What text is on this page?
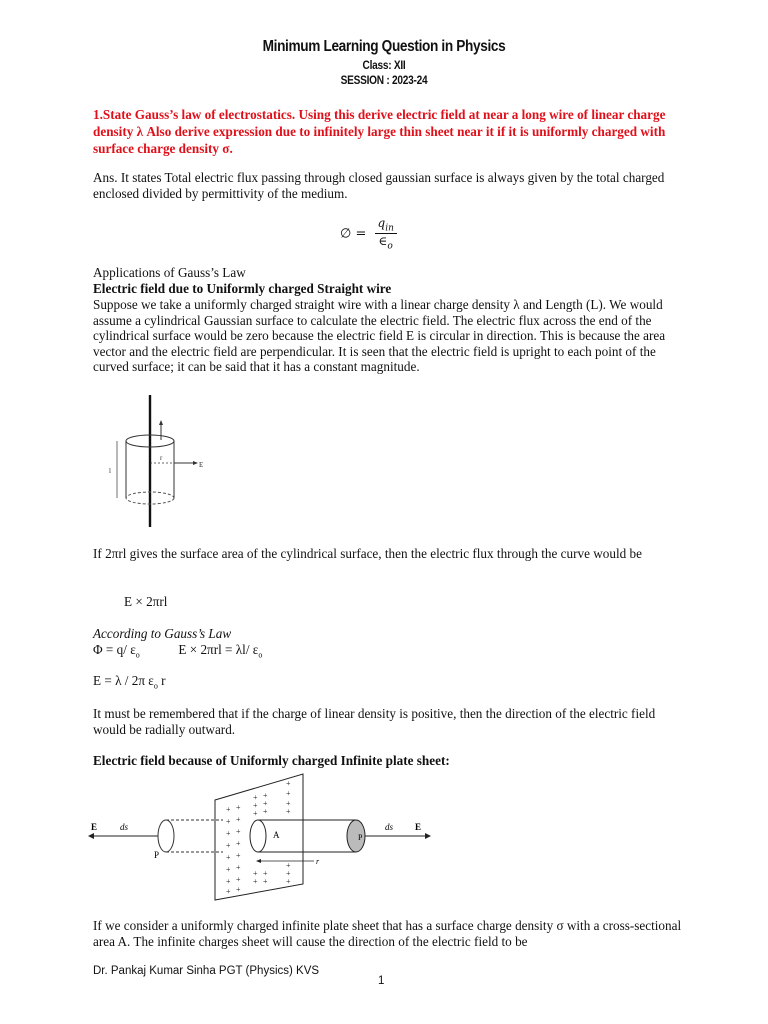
Minimum Learning Question in Physics
Class: XII
SESSION : 2023-24
1.State Gauss’s law of electrostatics. Using this derive electric field at near a long wire of linear charge density λ Also derive expression due to infinitely large thin sheet near it if it is uniformly charged with surface charge density σ.
Ans. It states Total electric flux passing through closed gaussian surface is always given by the total charged enclosed divided by permittivity of the medium.
∅ = $\frac{q_{in}}{\in_o}$
Applications of Gauss’s Law
Electric field due to Uniformly charged Straight wire
Suppose we take a uniformly charged straight wire with a linear charge density λ and Length (L). We would assume a cylindrical Gaussian surface to calculate the electric field. The electric flux across the end of the cylindrical surface would be zero because the electric field E is circular in direction. This is because the area vector and the electric field are perpendicular. It is seen that the electric field is upright to each point of the curved surface; it can be said that it has a constant magnitude.
l
r
E
If 2πrl gives the surface area of the cylindrical surface, then the electric flux through the curve would be
E × 2πrl
According to Gauss’s Law
Φ = q/ $\varepsilon_o$	E × 2πrl = λl/ $\varepsilon_o$
E = λ / 2π $\varepsilon_o$ r
It must be remembered that if the charge of linear density is positive, then the direction of the electric field would be radially outward.
Electric field because of Uniformly charged Infinite plate sheet:
E	ds
P
A	P
ds E
r
+
+
+
+
+
+
+
+
+
+
+
+
+
+
+
+
+
+
+
+
+
+
+
+
+
+
+
+
+
+
+
+
+
If we consider a uniformly charged infinite plate sheet that has a surface charge density σ with a cross-sectional area A. The infinite charges sheet will cause the direction of the electric field to be
Dr. Pankaj Kumar Sinha PGT (Physics) KVS
1
